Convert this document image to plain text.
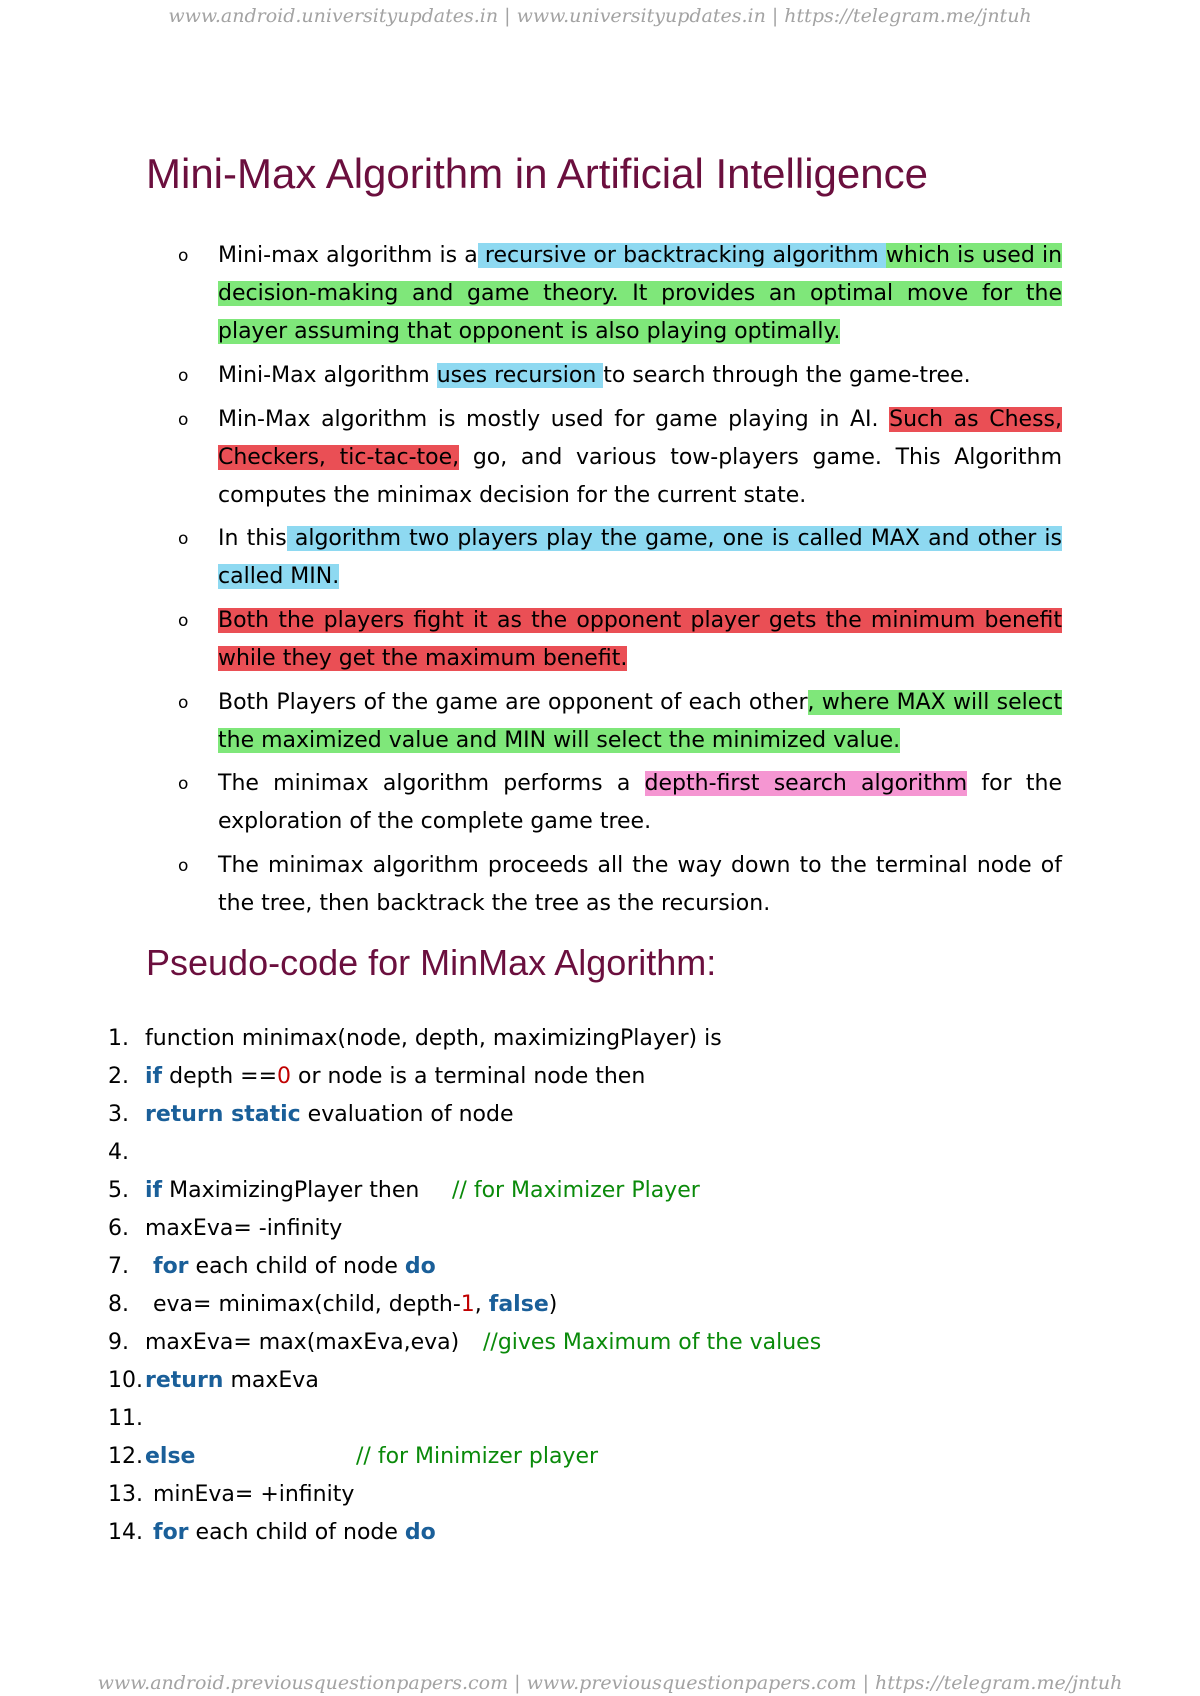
www.android.universityupdates.in | www.universityupdates.in | https://telegram.me/jntuh
Mini-Max Algorithm in Artificial Intelligence
o Mini-max algorithm is a recursive or backtracking algorithm which is used in decision-making and game theory. It provides an optimal move for the player assuming that opponent is also playing optimally.
o Mini-Max algorithm uses recursion to search through the game-tree.
o Min-Max algorithm is mostly used for game playing in AI. Such as Chess, Checkers, tic-tac-toe, go, and various tow-players game. This Algorithm computes the minimax decision for the current state.
o In this algorithm two players play the game, one is called MAX and other is called MIN.
o Both the players fight it as the opponent player gets the minimum benefit while they get the maximum benefit.
o Both Players of the game are opponent of each other, where MAX will select the maximized value and MIN will select the minimized value.
o The minimax algorithm performs a depth-first search algorithm for the exploration of the complete game tree.
o The minimax algorithm proceeds all the way down to the terminal node of the tree, then backtrack the tree as the recursion.
Pseudo-code for MinMax Algorithm:
1. function minimax(node, depth, maximizingPlayer) is
2. if depth ==0 or node is a terminal node then
3. return static evaluation of node
4.
5. if MaximizingPlayer then // for Maximizer Player
6. maxEva= -infinity
7. for each child of node do
8. eva= minimax(child, depth-1, false)
9. maxEva= max(maxEva,eva) //gives Maximum of the values
10.return maxEva
11.
12.else	// for Minimizer player
13. minEva= +infinity
14. for each child of node do
www.android.previousquestionpapers.com | www.previousquestionpapers.com | https://telegram.me/jntuh
